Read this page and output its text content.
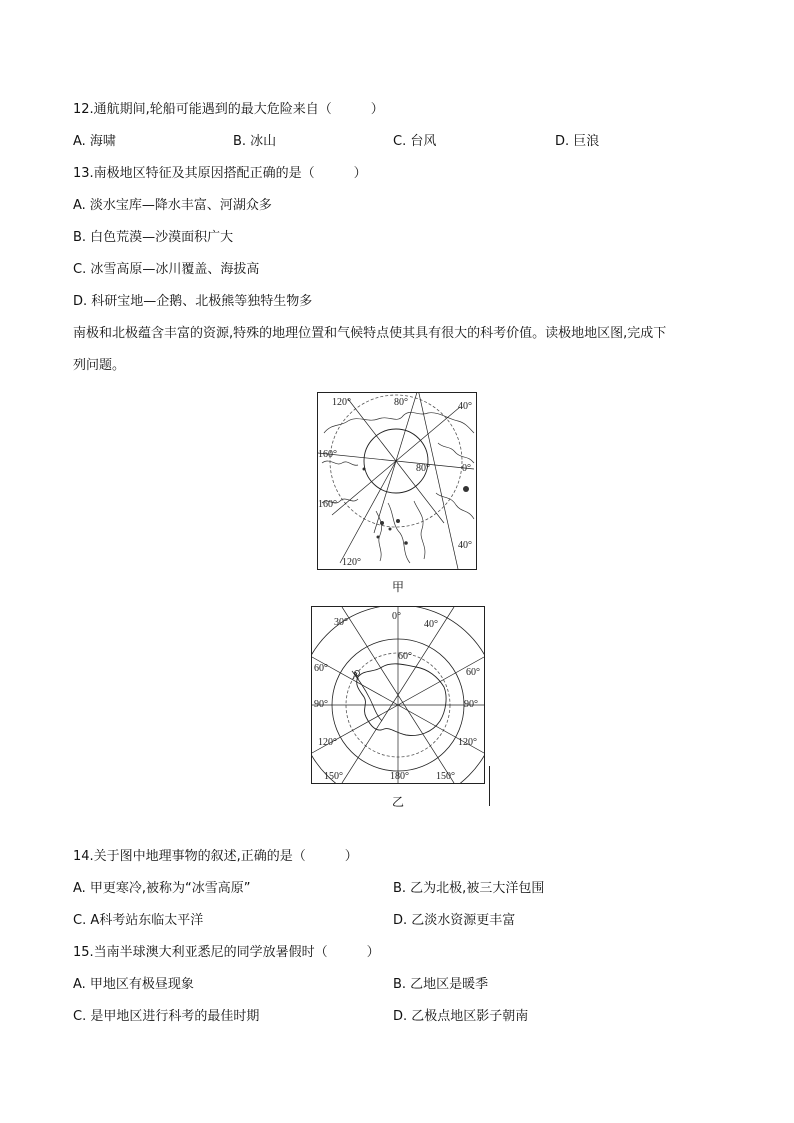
12.通航期间,轮船可能遇到的最大危险来自（　　　）
A. 海啸	B. 冰山	C. 台风	D. 巨浪
13.南极地区特征及其原因搭配正确的是（　　　）
A. 淡水宝库—降水丰富、河湖众多
B. 白色荒漠—沙漠面积广大
C. 冰雪高原—冰川覆盖、海拔高
D. 科研宝地—企鹅、北极熊等独特生物多
南极和北极蕴含丰富的资源,特殊的地理位置和气候特点使其具有很大的科考价值。读极地地区图,完成下
列问题。
120°	80°	40°
160°
80°	0°
160°
40°
120°
甲
0°
30°	40°
60°
60°	60°
A
90°	90°
120°	120°
150°	180°	150°
乙
14.关于图中地理事物的叙述,正确的是（　　　）
A. 甲更寒冷,被称为“冰雪高原”	B. 乙为北极,被三大洋包围
C. A科考站东临太平洋	D. 乙淡水资源更丰富
15.当南半球澳大利亚悉尼的同学放暑假时（　　　）
A. 甲地区有极昼现象	B. 乙地区是暖季
C. 是甲地区进行科考的最佳时期	D. 乙极点地区影子朝南
